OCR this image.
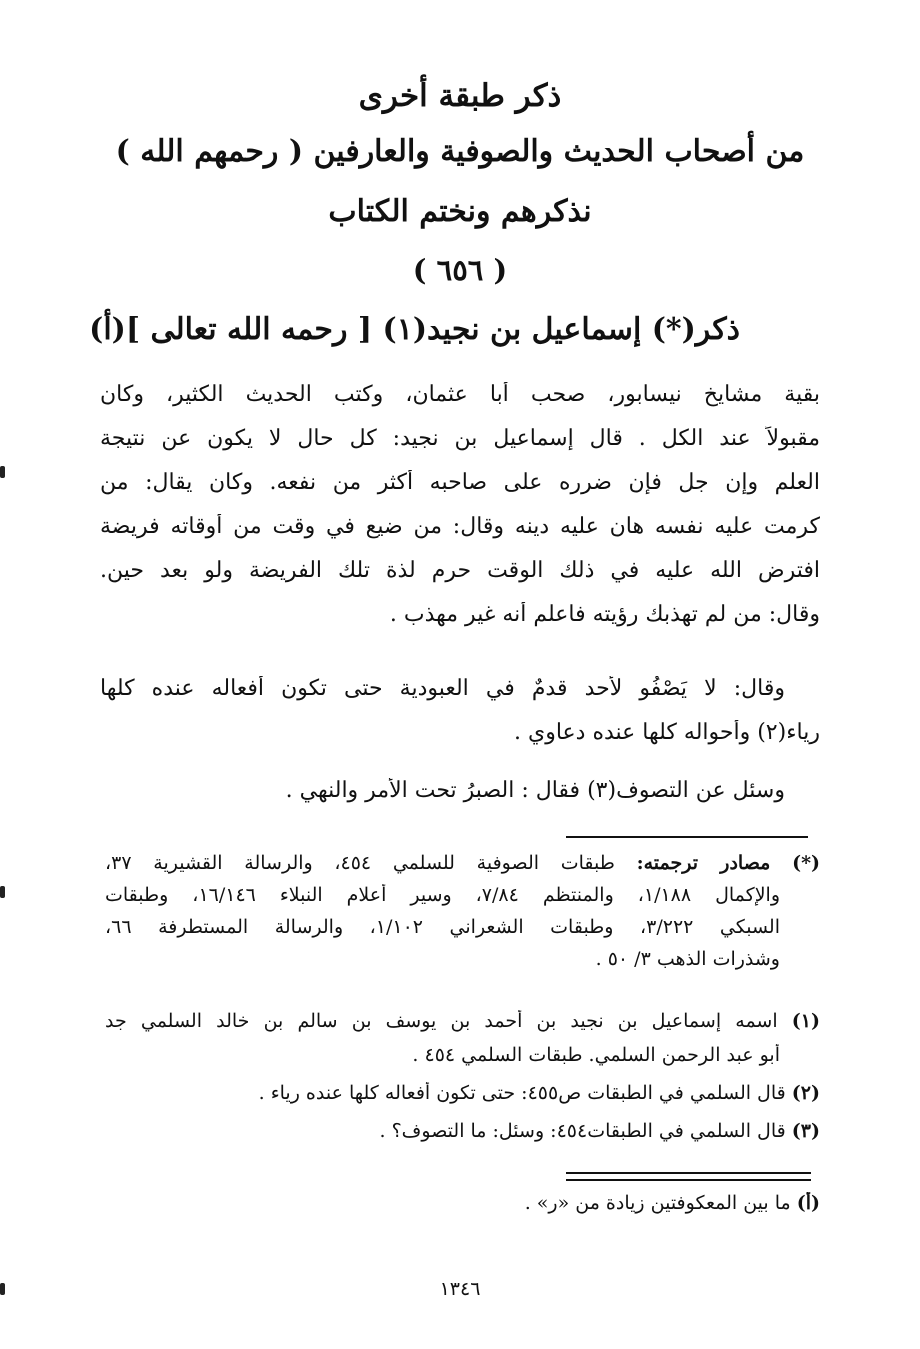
ذكر طبقة أخرى
من أصحاب الحديث والصوفية والعارفين ( رحمهم الله )
نذكرهم ونختم الكتاب
( ٦٥٦ )
ذكر(*) إسماعيل بن نجيد(١) [ رحمه الله تعالى ](أ)
بقية مشايخ نيسابور، صحب أبا عثمان، وكتب الحديث الكثير، وكان
مقبولاً عند الكل . قال إسماعيل بن نجيد: كل حال لا يكون عن نتيجة
العلم وإن جل فإن ضرره على صاحبه أكثر من نفعه. وكان يقال: من
كرمت عليه نفسه هان عليه دينه وقال: من ضيع في وقت من أوقاته فريضة
افترض الله عليه في ذلك الوقت حرم لذة تلك الفريضة ولو بعد حين.
وقال: من لم تهذبك رؤيته فاعلم أنه غير مهذب .
وقال: لا يَصْفُو لأحد قدمٌ في العبودية حتى تكون أفعاله عنده كلها
رياء(٢) وأحواله كلها عنده دعاوي .
وسئل عن التصوف(٣) فقال : الصبرُ تحت الأمر والنهي .
(*) مصادر ترجمته: طبقات الصوفية للسلمي ٤٥٤، والرسالة القشيرية ٣٧،
والإكمال ١/١٨٨، والمنتظم ٧/٨٤، وسير أعلام النبلاء ١٦/١٤٦، وطبقات
السبكي ٣/٢٢٢، وطبقات الشعراني ١/١٠٢، والرسالة المستطرفة ٦٦،
وشذرات الذهب ٣/ ٥٠ .
(١) اسمه إسماعيل بن نجيد بن أحمد بن يوسف بن سالم بن خالد السلمي جد
أبو عبد الرحمن السلمي. طبقات السلمي ٤٥٤ .
(٢) قال السلمي في الطبقات ص٤٥٥: حتى تكون أفعاله كلها عنده رياء .
(٣) قال السلمي في الطبقات٤٥٤: وسئل: ما التصوف؟ .
(أ) ما بين المعكوفتين زيادة من «ر» .
١٣٤٦
